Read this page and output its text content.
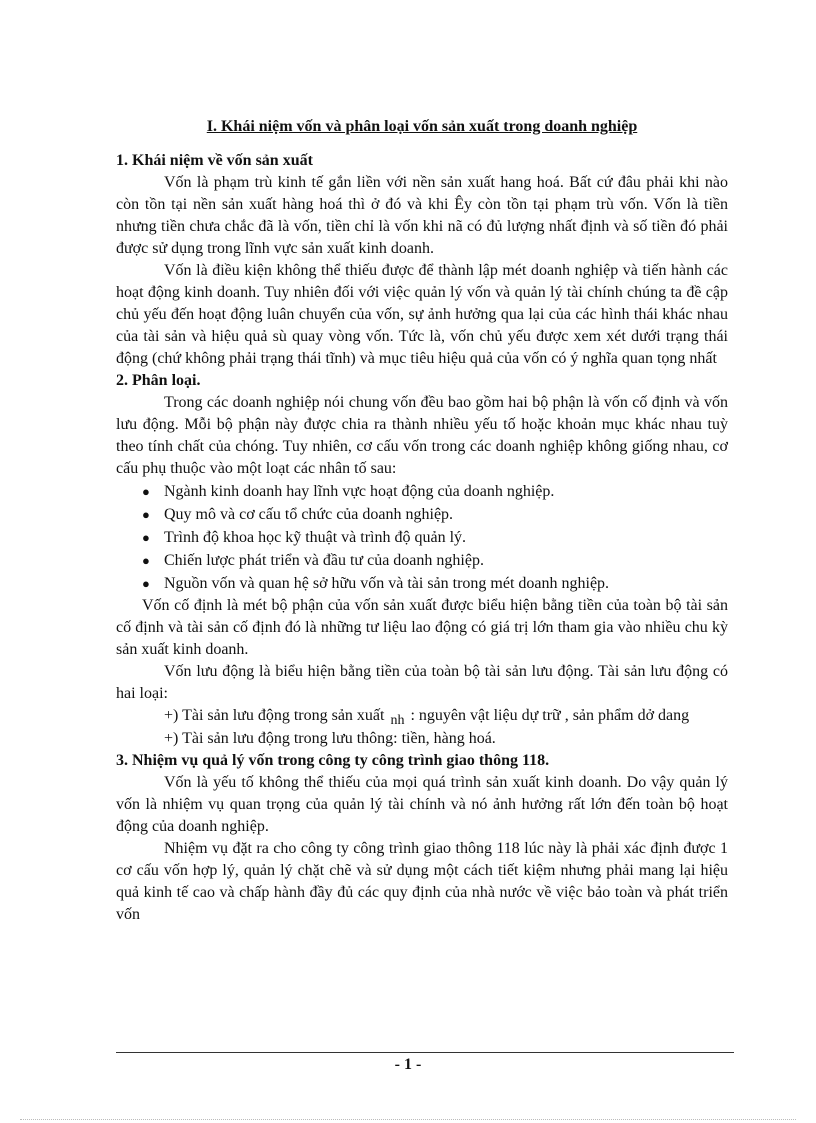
I. Khái niệm vốn và phân loại vốn sản xuất trong doanh nghiệp

1. Khái niệm về vốn sản xuất

Vốn là phạm trù kinh tế gắn liền với nền sản xuất hang hoá. Bất cứ đâu phải khi nào còn tồn tại nền sản xuất hàng hoá thì ở đó và khi Êy còn tồn tại phạm trù vốn. Vốn là tiền nhưng tiền chưa chắc đã là vốn, tiền chỉ là vốn khi nã có đủ lượng nhất định và số tiền đó phải được sử dụng trong lĩnh vực sản xuất kinh doanh.

Vốn là điều kiện không thể thiếu được để thành lập mét doanh nghiệp và tiến hành các hoạt động kinh doanh. Tuy nhiên đối với việc quản lý vốn và quản lý tài chính chúng ta đề cập chủ yếu đến hoạt động luân chuyển của vốn, sự ảnh hưởng qua lại của các hình thái khác nhau của tài sản và hiệu quả sù quay vòng vốn. Tức là, vốn chủ yếu được xem xét dưới trạng thái động (chứ không phải trạng thái tĩnh) và mục tiêu hiệu quả của vốn có ý nghĩa quan tọng nhất

2. Phân loại.

Trong các doanh nghiệp nói chung vốn đều bao gồm hai bộ phận là vốn cố định và vốn lưu động. Mỗi bộ phận này được chia ra thành nhiều yếu tố hoặc khoản mục khác nhau tuỳ theo tính chất của chóng. Tuy nhiên, cơ cấu vốn trong các doanh nghiệp không giống nhau, cơ cấu phụ thuộc vào một loạt các nhân tố sau:

● Ngành kinh doanh hay lĩnh vực hoạt động của doanh nghiệp.
● Quy mô và cơ cấu tổ chức của doanh nghiệp.
● Trình độ khoa học kỹ thuật và trình độ quản lý.
● Chiến lược phát triển và đầu tư của doanh nghiệp.
● Nguồn vốn và quan hệ sở hữu vốn và tài sản trong mét doanh nghiệp.

Vốn cố định là mét bộ phận của vốn sản xuất được biểu hiện bằng tiền của toàn bộ tài sản cố định và tài sản cố định đó là những tư liệu lao động có giá trị lớn tham gia vào nhiều chu kỳ sản xuất kinh doanh.

Vốn lưu động là biểu hiện bằng tiền của toàn bộ tài sản lưu động. Tài sản lưu động có hai loại:

+) Tài sản lưu động trong sản xuất nh : nguyên vật liệu dự trữ , sản phẩm dở dang

+) Tài sản lưu động trong lưu thông: tiền, hàng hoá.

3. Nhiệm vụ quả lý vốn trong công ty công trình giao thông 118.

Vốn là yếu tố không thể thiếu của mọi quá trình sản xuất kinh doanh. Do vậy quản lý vốn là nhiệm vụ quan trọng của quản lý tài chính và nó ảnh hưởng rất lớn đến toàn bộ hoạt động của doanh nghiệp.

Nhiệm vụ đặt ra cho công ty công trình giao thông 118 lúc này là phải xác định được 1 cơ cấu vốn hợp lý, quản lý chặt chẽ và sử dụng một cách tiết kiệm nhưng phải mang lại hiệu quả kinh tế cao và chấp hành đầy đủ các quy định của nhà nước về việc bảo toàn và phát triển vốn

- 1 -
